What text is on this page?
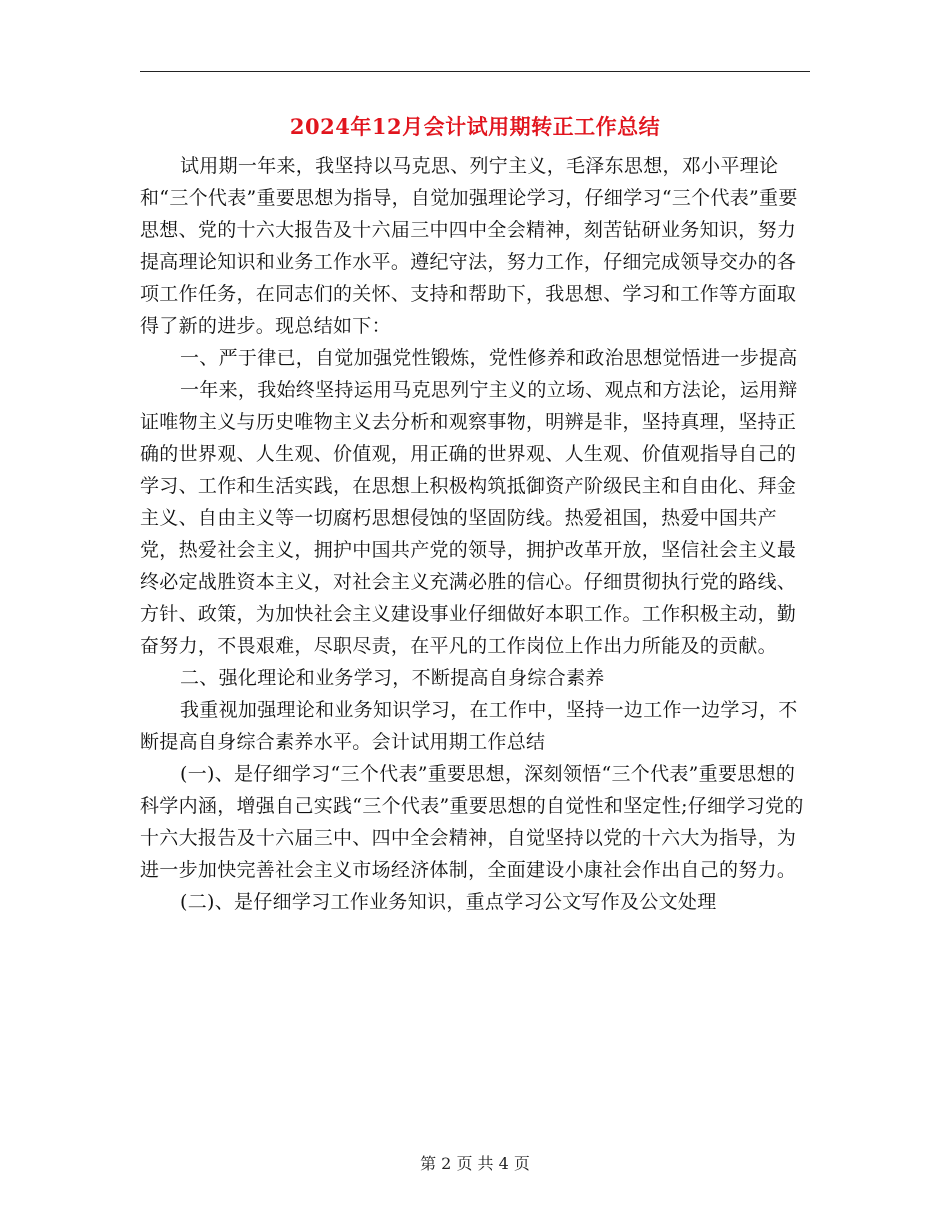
2024年12月会计试用期转正工作总结

试用期一年来，我坚持以马克思、列宁主义，毛泽东思想，邓小平理论和“三个代表”重要思想为指导，自觉加强理论学习，仔细学习“三个代表”重要思想、党的十六大报告及十六届三中四中全会精神，刻苦钻研业务知识，努力提高理论知识和业务工作水平。遵纪守法，努力工作，仔细完成领导交办的各项工作任务，在同志们的关怀、支持和帮助下，我思想、学习和工作等方面取得了新的进步。现总结如下：

一、严于律已，自觉加强党性锻炼，党性修养和政治思想觉悟进一步提高

一年来，我始终坚持运用马克思列宁主义的立场、观点和方法论，运用辩证唯物主义与历史唯物主义去分析和观察事物，明辨是非，坚持真理，坚持正确的世界观、人生观、价值观，用正确的世界观、人生观、价值观指导自己的学习、工作和生活实践，在思想上积极构筑抵御资产阶级民主和自由化、拜金主义、自由主义等一切腐朽思想侵蚀的坚固防线。热爱祖国，热爱中国共产党，热爱社会主义，拥护中国共产党的领导，拥护改革开放，坚信社会主义最终必定战胜资本主义，对社会主义充满必胜的信心。仔细贯彻执行党的路线、方针、政策，为加快社会主义建设事业仔细做好本职工作。工作积极主动，勤奋努力，不畏艰难，尽职尽责，在平凡的工作岗位上作出力所能及的贡献。

二、强化理论和业务学习，不断提高自身综合素养

我重视加强理论和业务知识学习，在工作中，坚持一边工作一边学习，不断提高自身综合素养水平。会计试用期工作总结

(一)、是仔细学习“三个代表”重要思想，深刻领悟“三个代表”重要思想的科学内涵，增强自己实践“三个代表”重要思想的自觉性和坚定性;仔细学习党的十六大报告及十六届三中、四中全会精神，自觉坚持以党的十六大为指导，为进一步加快完善社会主义市场经济体制，全面建设小康社会作出自己的努力。

(二)、是仔细学习工作业务知识，重点学习公文写作及公文处理

第 2 页 共 4 页
